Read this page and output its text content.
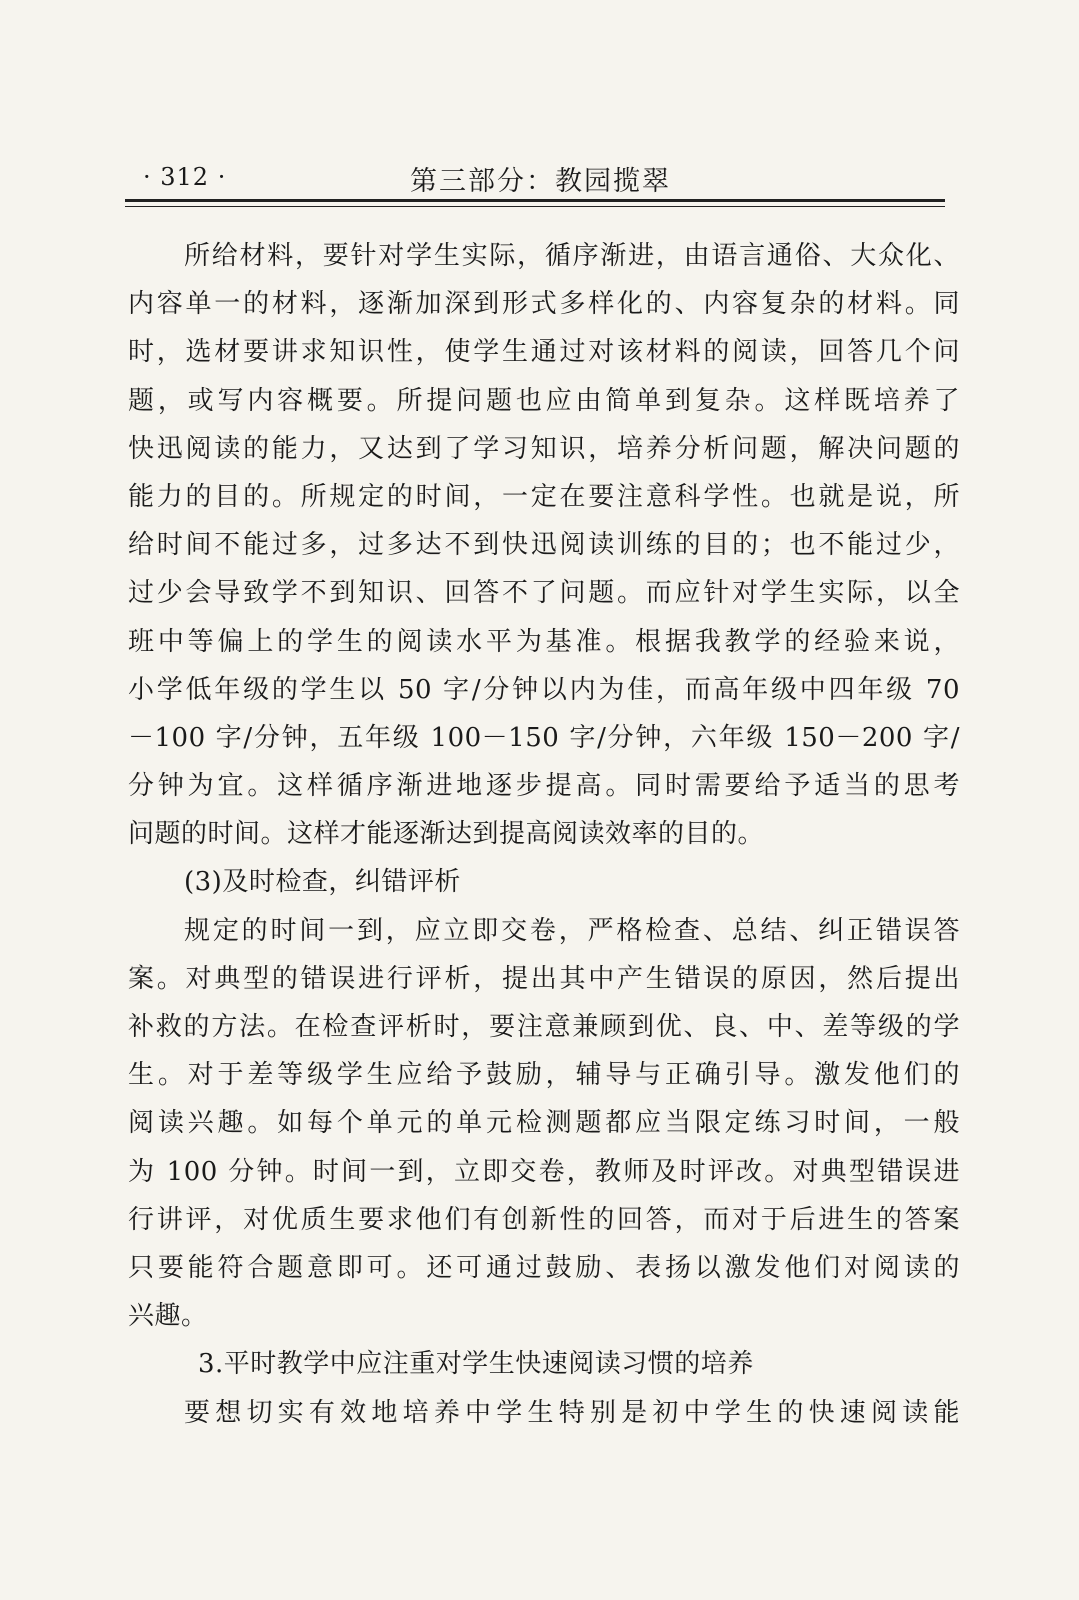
· 312 ·	第三部分：教园揽翠
所给材料，要针对学生实际，循序渐进，由语言通俗、大众化、
内容单一的材料，逐渐加深到形式多样化的、内容复杂的材料。同
时，选材要讲求知识性，使学生通过对该材料的阅读，回答几个问
题，或写内容概要。所提问题也应由简单到复杂。这样既培养了
快迅阅读的能力，又达到了学习知识，培养分析问题，解决问题的
能力的目的。所规定的时间，一定在要注意科学性。也就是说，所
给时间不能过多，过多达不到快迅阅读训练的目的；也不能过少，
过少会导致学不到知识、回答不了问题。而应针对学生实际，以全
班中等偏上的学生的阅读水平为基准。根据我教学的经验来说，
小学低年级的学生以 50 字/分钟以内为佳，而高年级中四年级 70
－100 字/分钟，五年级 100－150 字/分钟，六年级 150－200 字/
分钟为宜。这样循序渐进地逐步提高。同时需要给予适当的思考
问题的时间。这样才能逐渐达到提高阅读效率的目的。
(3)及时检查，纠错评析
规定的时间一到，应立即交卷，严格检查、总结、纠正错误答
案。对典型的错误进行评析，提出其中产生错误的原因，然后提出
补救的方法。在检查评析时，要注意兼顾到优、良、中、差等级的学
生。对于差等级学生应给予鼓励，辅导与正确引导。激发他们的
阅读兴趣。如每个单元的单元检测题都应当限定练习时间，一般
为 100 分钟。时间一到，立即交卷，教师及时评改。对典型错误进
行讲评，对优质生要求他们有创新性的回答，而对于后进生的答案
只要能符合题意即可。还可通过鼓励、表扬以激发他们对阅读的
兴趣。
3.平时教学中应注重对学生快速阅读习惯的培养
要想切实有效地培养中学生特别是初中学生的快速阅读能
